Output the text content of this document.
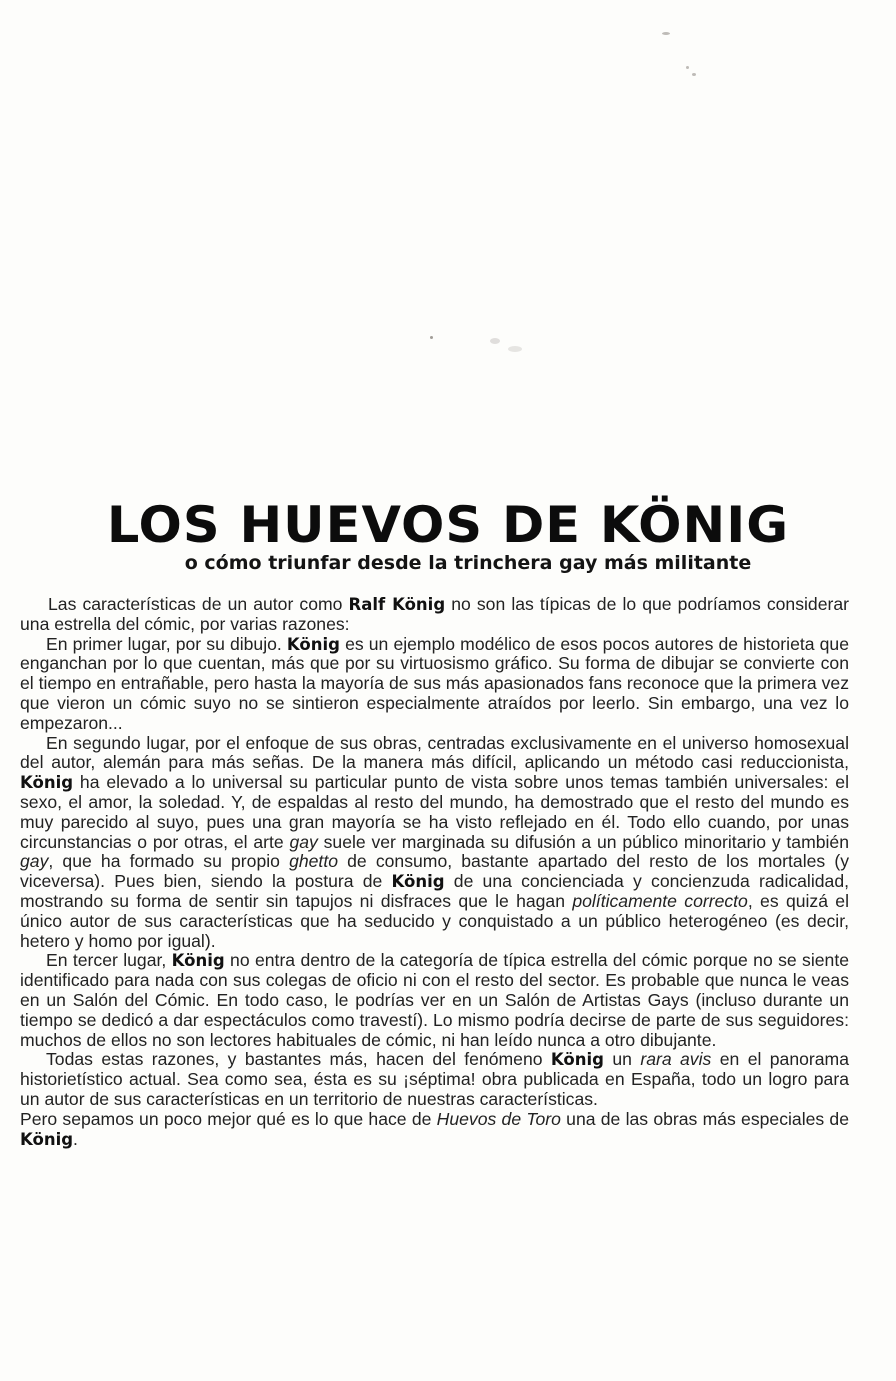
LOS HUEVOS DE KÖNIG
o cómo triunfar desde la trinchera gay más militante

Las características de un autor como Ralf König no son las típicas de lo que podríamos considerar una estrella del cómic, por varias razones:

En primer lugar, por su dibujo. König es un ejemplo modélico de esos pocos autores de historieta que enganchan por lo que cuentan, más que por su virtuosismo gráfico. Su forma de dibujar se convierte con el tiempo en entrañable, pero hasta la mayoría de sus más apasionados fans reconoce que la primera vez que vieron un cómic suyo no se sintieron especialmente atraídos por leerlo. Sin embargo, una vez lo empezaron...

En segundo lugar, por el enfoque de sus obras, centradas exclusivamente en el universo homosexual del autor, alemán para más señas. De la manera más difícil, aplicando un método casi reduccionista, König ha elevado a lo universal su particular punto de vista sobre unos temas también universales: el sexo, el amor, la soledad. Y, de espaldas al resto del mundo, ha demostrado que el resto del mundo es muy parecido al suyo, pues una gran mayoría se ha visto reflejado en él. Todo ello cuando, por unas circunstancias o por otras, el arte gay suele ver marginada su difusión a un público minoritario y también gay, que ha formado su propio ghetto de consumo, bastante apartado del resto de los mortales (y viceversa). Pues bien, siendo la postura de König de una concienciada y concienzuda radicalidad, mostrando su forma de sentir sin tapujos ni disfraces que le hagan políticamente correcto, es quizá el único autor de sus características que ha seducido y conquistado a un público heterogéneo (es decir, hetero y homo por igual).

En tercer lugar, König no entra dentro de la categoría de típica estrella del cómic porque no se siente identificado para nada con sus colegas de oficio ni con el resto del sector. Es probable que nunca le veas en un Salón del Cómic. En todo caso, le podrías ver en un Salón de Artistas Gays (incluso durante un tiempo se dedicó a dar espectáculos como travestí). Lo mismo podría decirse de parte de sus seguidores: muchos de ellos no son lectores habituales de cómic, ni han leído nunca a otro dibujante.

Todas estas razones, y bastantes más, hacen del fenómeno König un rara avis en el panorama historietístico actual. Sea como sea, ésta es su ¡séptima! obra publicada en España, todo un logro para un autor de sus características en un territorio de nuestras características.

Pero sepamos un poco mejor qué es lo que hace de Huevos de Toro una de las obras más especiales de König.
